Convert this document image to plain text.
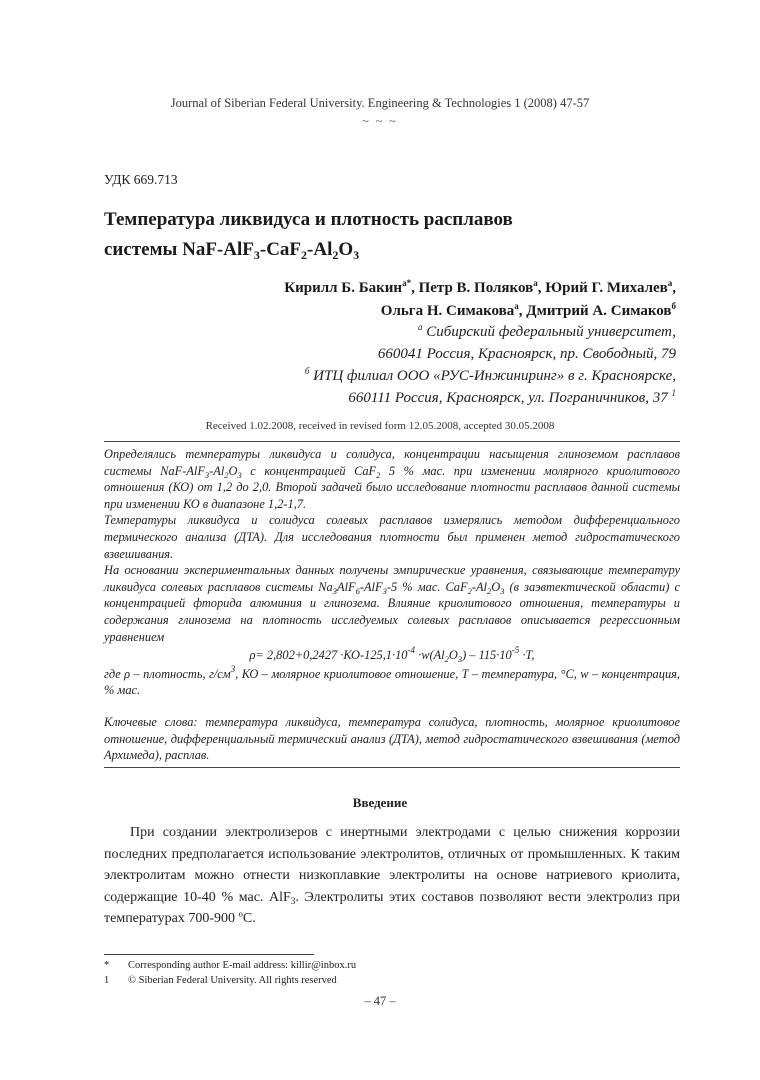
Journal of Siberian Federal University. Engineering & Technologies 1 (2008) 47-57
~ ~ ~
УДК 669.713
Температура ликвидуса и плотность расплавов
системы NaF-$AlF_3-CaF_2-Al_2O_3$
Кирилл Б. Бакин$^{а*}$, Петр В. Поляков$^а$, Юрий Г. Михалев$^а$,
Ольга Н. Симакова$^а$, Дмитрий А. Симаков$^б$
$^а$ Сибирский федеральный университет,
660041 Россия, Красноярск, пр. Свободный, 79
$^б$ ИТЦ филиал ООО «РУС-Инжиниринг» в г. Красноярске,
660111 Россия, Красноярск, ул. Пограничников, 37 $^1$
Received 1.02.2008, received in revised form 12.05.2008, accepted 30.05.2008

Определялись температуры ликвидуса и солидуса, концентрации насыщения глиноземом расплавов системы NaF-$AlF_3-Al_2O_3$ с концентрацией CaF$_2$ 5 % мас. при изменении молярного криолитового отношения (КО) от 1,2 до 2,0. Второй задачей было исследование плотности расплавов данной системы при изменении КО в диапазоне 1,2-1,7.

Температуры ликвидуса и солидуса солевых расплавов измерялись методом дифференциального термического анализа (ДТА). Для исследования плотности был применен метод гидростатического взвешивания.

На основании экспериментальных данных получены эмпирические уравнения, связывающие температуру ликвидуса солевых расплавов системы $Na_3AlF_6-AlF_3-5$ % мас. $CaF_2-Al_2O_3$ (в заэвтектической области) с концентрацией фторида алюминия и глинозема. Влияние криолитового отношения, температуры и содержания глинозема на плотность исследуемых солевых расплавов описывается регрессионным уравнением

$\rho= 2,802+0,2427 \cdot КО-125,1\cdot 10^{-4} \cdot w(Al_2O_3) - 115\cdot 10^{-5} \cdot T$,

где ρ – плотность, $г/см^3$, КО – молярное криолитовое отношение, Т – температура, °С, w – концентрация, % мас.

Ключевые слова: температура ликвидуса, температура солидуса, плотность, молярное криолитовое отношение, дифференциальный термический анализ (ДТА), метод гидростатического взвешивания (метод Архимеда), расплав.
Введение
При создании электролизеров с инертными электродами с целью снижения коррозии последних предполагается использование электролитов, отличных от промышленных. К таким электролитам можно отнести низкоплавкие электролиты на основе натриевого криолита, содержащие 10-40 % мас. AlF$_3$. Электролиты этих составов позволяют вести электролиз при температурах 700-900 ºС.
*	Corresponding author E-mail address: killir@inbox.ru
1	© Siberian Federal University. All rights reserved
– 47 –
